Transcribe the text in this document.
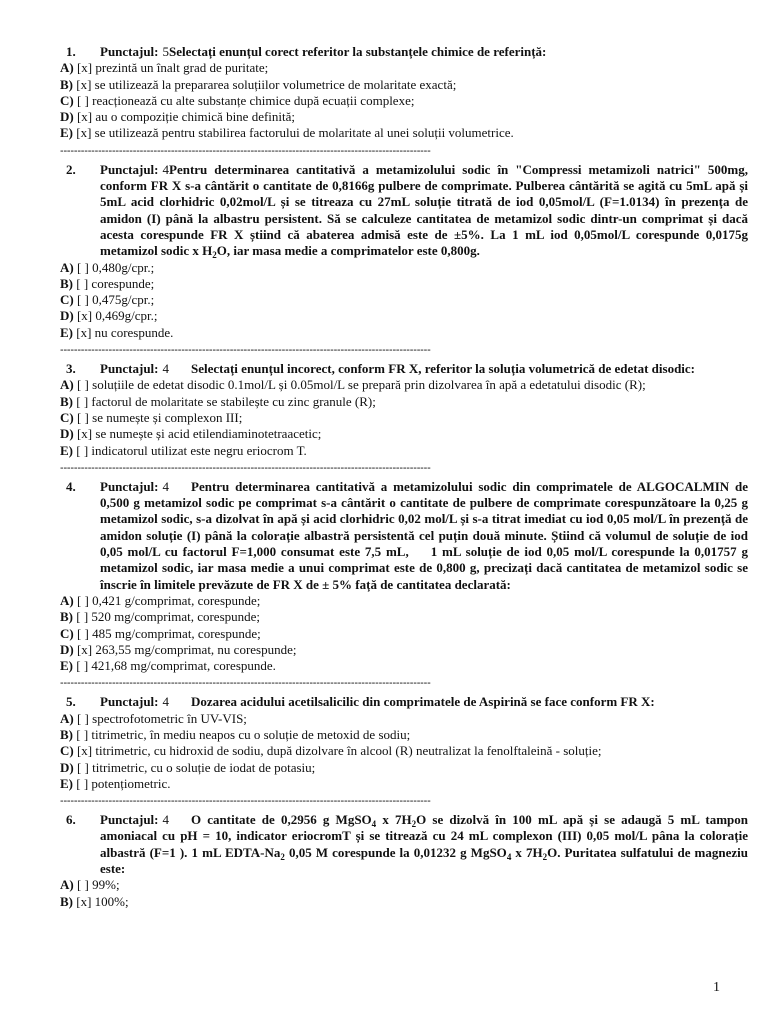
1. Punctajul: 5Selectați enunțul corect referitor la substanțele chimice de referință:
A) [x] prezintă un înalt grad de puritate;
B) [x] se utilizează la prepararea soluțiilor volumetrice de molaritate exactă;
C) [ ] reacționează cu alte substanțe chimice după ecuații complexe;
D) [x] au o compoziție chimică bine definită;
E) [x] se utilizează pentru stabilirea factorului de molaritate al unei soluții volumetrice.
-----------------------------------------------------------------------------------------------------------
2. Punctajul: 4Pentru determinarea cantitativă a metamizolului sodic în "Compressi metamizoli natrici" 500mg, conform FR X s-a cântărit o cantitate de 0,8166g pulbere de comprimate. Pulberea cântărită se agită cu 5mL apă și 5mL acid clorhidric 0,02mol/L și se titreaza cu 27mL soluție titrată de iod 0,05mol/L (F=1.0134) în prezența de amidon (I) până la albastru persistent. Să se calculeze cantitatea de metamizol sodic dintr-un comprimat și dacă acesta corespunde FR X știind că abaterea admisă este de ±5%. La 1 mL iod 0,05mol/L corespunde 0,0175g metamizol sodic x $H_2O$, iar masa medie a comprimatelor este 0,800g.
A) [ ] 0,480g/cpr.;
B) [ ] corespunde;
C) [ ] 0,475g/cpr.;
D) [x] 0,469g/cpr.;
E) [x] nu corespunde.
-----------------------------------------------------------------------------------------------------------
3. Punctajul: 4 Selectați enunțul incorect, conform FR X, referitor la soluția volumetrică de edetat disodic:
A) [ ] soluțiile de edetat disodic 0.1mol/L și 0.05mol/L se prepară prin dizolvarea în apă a edetatului disodic (R);
B) [ ] factorul de molaritate se stabilește cu zinc granule (R);
C) [ ] se numește și complexon III;
D) [x] se numește și acid etilendiaminotetraacetic;
E) [ ] indicatorul utilizat este negru eriocrom T.
-----------------------------------------------------------------------------------------------------------
4. Punctajul: 4 Pentru determinarea cantitativă a metamizolului sodic din comprimatele de ALGOCALMIN de 0,500 g metamizol sodic pe comprimat s-a cântărit o cantitate de pulbere de comprimate corespunzătoare la 0,25 g metamizol sodic, s-a dizolvat în apă și acid clorhidric 0,02 mol/L și s-a titrat imediat cu iod 0,05 mol/L în prezență de amidon soluție (I) până la colorație albastră persistentă cel puțin două minute. Știind că volumul de soluție de iod 0,05 mol/L cu factorul F=1,000 consumat este 7,5 mL, 1 mL soluție de iod 0,05 mol/L corespunde la 0,01757 g metamizol sodic, iar masa medie a unui comprimat este de 0,800 g, precizați dacă cantitatea de metamizol sodic se înscrie în limitele prevăzute de FR X de ± 5% față de cantitatea declarată:
A) [ ] 0,421 g/comprimat, corespunde;
B) [ ] 520 mg/comprimat, corespunde;
C) [ ] 485 mg/comprimat, corespunde;
D) [x] 263,55 mg/comprimat, nu corespunde;
E) [ ] 421,68 mg/comprimat, corespunde.
-----------------------------------------------------------------------------------------------------------
5. Punctajul: 4 Dozarea acidului acetilsalicilic din comprimatele de Aspirină se face conform FR X:
A) [ ] spectrofotometric în UV-VIS;
B) [ ] titrimetric, în mediu neapos cu o soluție de metoxid de sodiu;
C) [x] titrimetric, cu hidroxid de sodiu, după dizolvare în alcool (R) neutralizat la fenolftaleină - soluție;
D) [ ] titrimetric, cu o soluție de iodat de potasiu;
E) [ ] potențiometric.
-----------------------------------------------------------------------------------------------------------
6. Punctajul: 4 O cantitate de 0,2956 g MgSO$_4$ x $7H_2O$ se dizolvă în 100 mL apă și se adaugă 5 mL tampon amoniacal cu pH = 10, indicator eriocromT și se titrează cu 24 mL complexon (III) 0,05 mol/L pâna la colorație albastră (F=1 ). 1 mL EDTA-$Na_2$ 0,05 M corespunde la 0,01232 g MgSO$_4$ x $7H_2O$. Puritatea sulfatului de magneziu este:
A) [ ] 99%;
B) [x] 100%;
1
